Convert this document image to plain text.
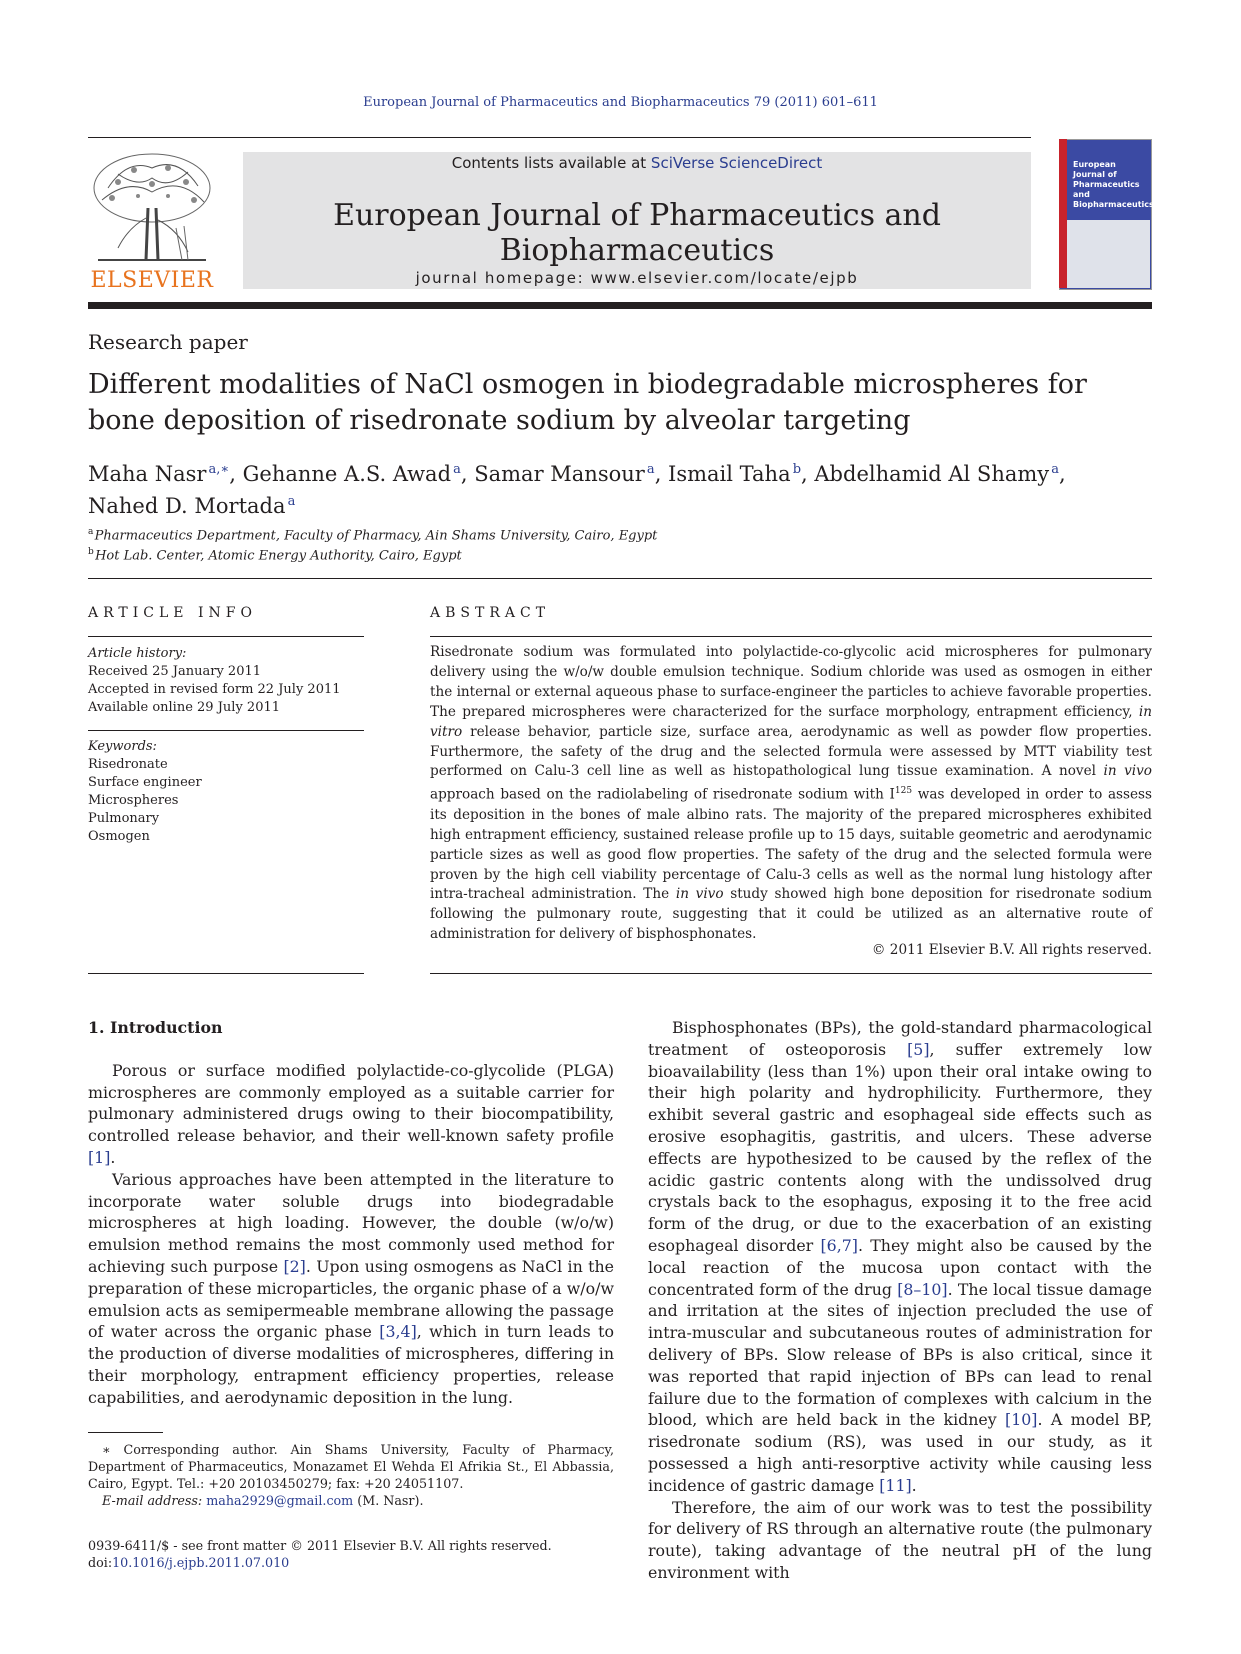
European Journal of Pharmaceutics and Biopharmaceutics 79 (2011) 601–611
ELSEVIER
Contents lists available at SciVerse ScienceDirect
European Journal of Pharmaceutics and Biopharmaceutics
journal homepage: www.elsevier.com/locate/ejpb
European Journal of Pharmaceutics and Biopharmaceutics
Research paper
Different modalities of NaCl osmogen in biodegradable microspheres for bone deposition of risedronate sodium by alveolar targeting
Maha Nasr  $^{a,∗}$, Gehanne A.S. Awad  $^a$, Samar Mansour  $^a$, Ismail Taha  $^b$, Abdelhamid Al Shamy  $^a$,
Nahed D. Mortada  $^a$
$^a$ Pharmaceutics Department, Faculty of Pharmacy, Ain Shams University, Cairo, Egypt
$^b$ Hot Lab. Center, Atomic Energy Authority, Cairo, Egypt
ARTICLE INFO
Article history:
Received 25 January 2011
Accepted in revised form 22 July 2011
Available online 29 July 2011
Keywords:
Risedronate
Surface engineer
Microspheres
Pulmonary
Osmogen
ABSTRACT
Risedronate sodium was formulated into polylactide-co-glycolic acid microspheres for pulmonary delivery using the w/o/w double emulsion technique. Sodium chloride was used as osmogen in either the internal or external aqueous phase to surface-engineer the particles to achieve favorable properties. The prepared microspheres were characterized for the surface morphology, entrapment efficiency, in vitro release behavior, particle size, surface area, aerodynamic as well as powder flow properties. Furthermore, the safety of the drug and the selected formula were assessed by MTT viability test performed on Calu-3 cell line as well as histopathological lung tissue examination. A novel in vivo approach based on the radiolabeling of risedronate sodium with $I^{125}$ was developed in order to assess its deposition in the bones of male albino rats. The majority of the prepared microspheres exhibited high entrapment efficiency, sustained release profile up to 15 days, suitable geometric and aerodynamic particle sizes as well as good flow properties. The safety of the drug and the selected formula were proven by the high cell viability percentage of Calu-3 cells as well as the normal lung histology after intra-tracheal administration. The in vivo study showed high bone deposition for risedronate sodium following the pulmonary route, suggesting that it could be utilized as an alternative route of administration for delivery of bisphosphonates.
© 2011 Elsevier B.V. All rights reserved.
1. Introduction

Porous or surface modified polylactide-co-glycolide (PLGA) microspheres are commonly employed as a suitable carrier for pulmonary administered drugs owing to their biocompatibility, controlled release behavior, and their well-known safety profile [1].

Various approaches have been attempted in the literature to incorporate water soluble drugs into biodegradable microspheres at high loading. However, the double (w/o/w) emulsion method remains the most commonly used method for achieving such purpose [2]. Upon using osmogens as NaCl in the preparation of these microparticles, the organic phase of a w/o/w emulsion acts as semipermeable membrane allowing the passage of water across the organic phase [3,4], which in turn leads to the production of diverse modalities of microspheres, differing in their morphology, entrapment efficiency properties, release capabilities, and aerodynamic deposition in the lung.

Bisphosphonates (BPs), the gold-standard pharmacological treatment of osteoporosis [5], suffer extremely low bioavailability (less than 1%) upon their oral intake owing to their high polarity and hydrophilicity. Furthermore, they exhibit several gastric and esophageal side effects such as erosive esophagitis, gastritis, and ulcers. These adverse effects are hypothesized to be caused by the reflex of the acidic gastric contents along with the undissolved drug crystals back to the esophagus, exposing it to the free acid form of the drug, or due to the exacerbation of an existing esophageal disorder [6,7]. They might also be caused by the local reaction of the mucosa upon contact with the concentrated form of the drug [8–10]. The local tissue damage and irritation at the sites of injection precluded the use of intra-muscular and subcutaneous routes of administration for delivery of BPs. Slow release of BPs is also critical, since it was reported that rapid injection of BPs can lead to renal failure due to the formation of complexes with calcium in the blood, which are held back in the kidney [10]. A model BP, risedronate sodium (RS), was used in our study, as it possessed a high anti-resorptive activity while causing less incidence of gastric damage [11].

Therefore, the aim of our work was to test the possibility for delivery of RS through an alternative route (the pulmonary route), taking advantage of the neutral pH of the lung environment with

∗ Corresponding author. Ain Shams University, Faculty of Pharmacy, Department of Pharmaceutics, Monazamet El Wehda El Afrikia St., El Abbassia, Cairo, Egypt. Tel.: +20 20103450279; fax: +20 24051107.

E-mail address: maha2929@gmail.com (M. Nasr).

0939-6411/$ - see front matter © 2011 Elsevier B.V. All rights reserved.
doi:10.1016/j.ejpb.2011.07.010
